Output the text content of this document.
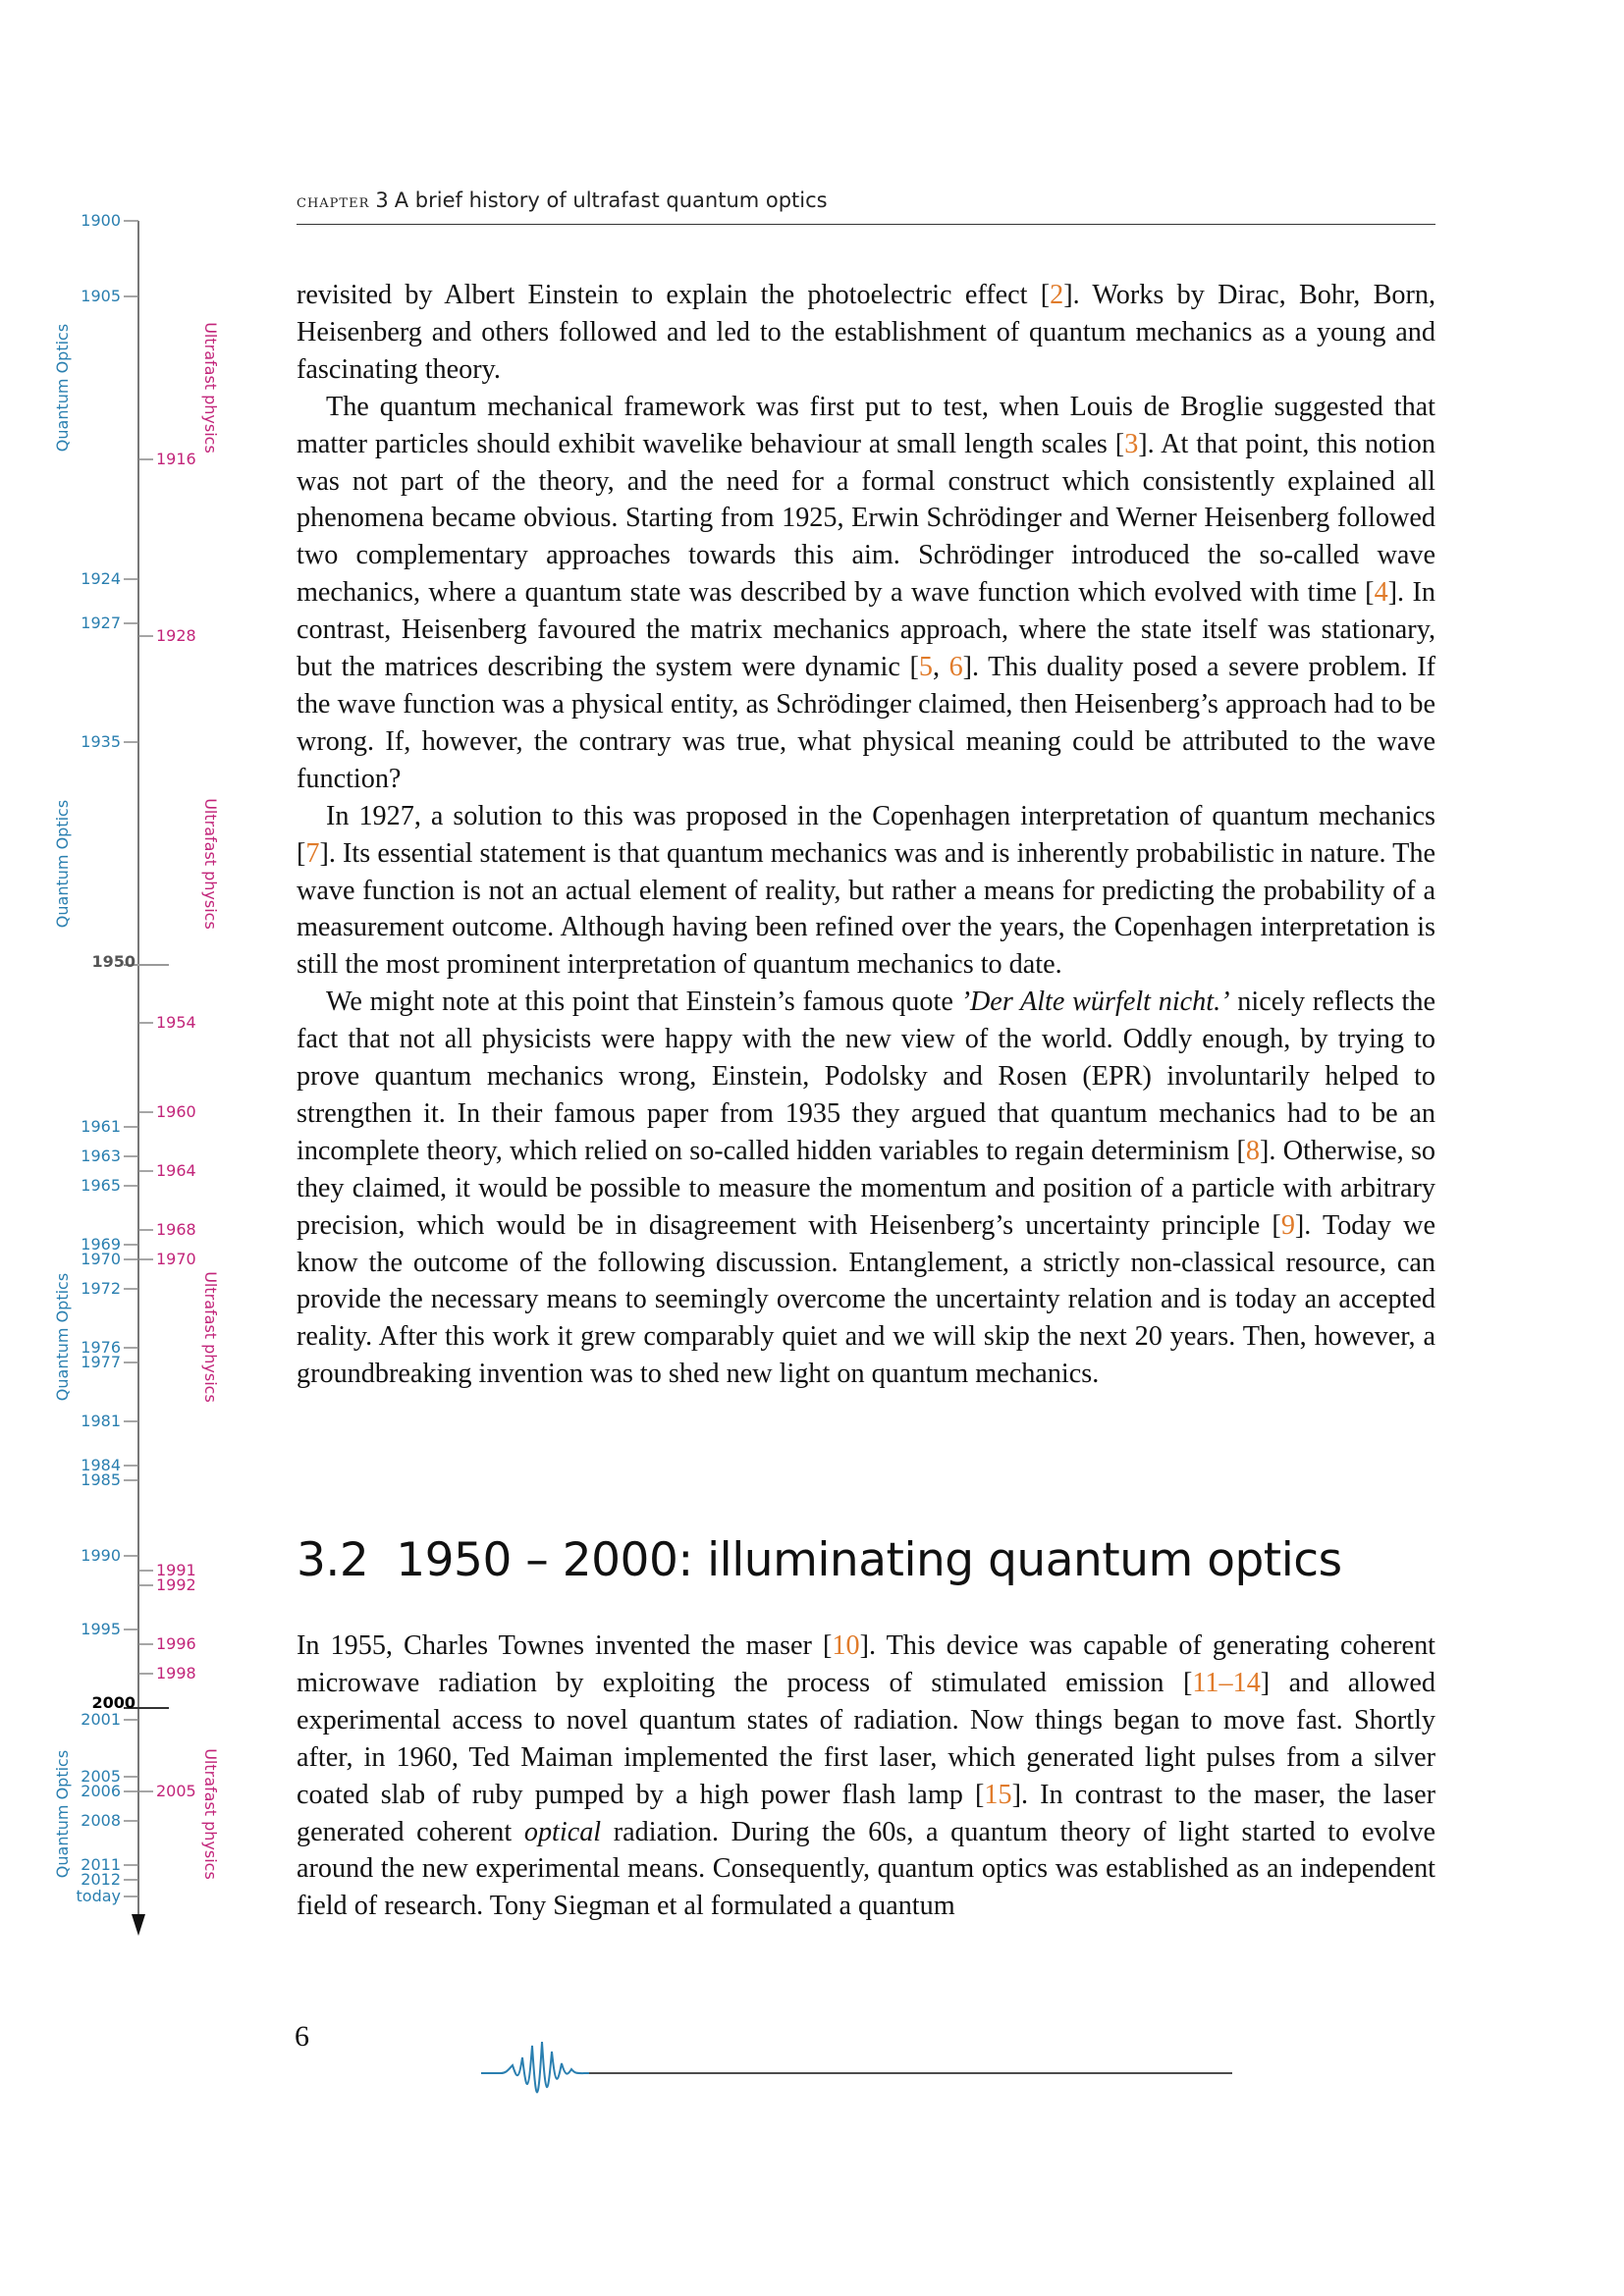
1900
1905
1924
1927
1935
1950
1961
1963
1965
1969
1970
1972
1976
1977
1981
1984
1985
1990
1995
2000
2001
2005
2006
2008
2011
2012
today
1916
1928
1954
1960
1964
1968
1970
1991
1992
1996
1998
2005
Quantum Optics	Ultrafast physics
Quantum Optics	Ultrafast physics
Quantum Optics	Ultrafast physics
Quantum Optics	Ultrafast physics
chapter 3 A brief history of ultrafast quantum optics

revisited by Albert Einstein to explain the photoelectric effect [2]. Works by Dirac, Bohr, Born, Heisenberg and others followed and led to the establishment of quantum mechanics as a young and fascinating theory.

The quantum mechanical framework was first put to test, when Louis de Broglie suggested that matter particles should exhibit wavelike behaviour at small length scales [3]. At that point, this notion was not part of the theory, and the need for a formal construct which consistently explained all phenomena became obvious. Starting from 1925, Erwin Schrödinger and Werner Heisenberg followed two complementary approaches towards this aim. Schrödinger introduced the so-called wave mechanics, where a quantum state was described by a wave function which evolved with time [4]. In contrast, Heisenberg favoured the matrix mechanics approach, where the state itself was stationary, but the matrices describing the system were dynamic [5, 6]. This duality posed a severe problem. If the wave function was a physical entity, as Schrödinger claimed, then Heisenberg’s approach had to be wrong. If, however, the contrary was true, what physical meaning could be attributed to the wave function?

In 1927, a solution to this was proposed in the Copenhagen interpretation of quantum mechanics [7]. Its essential statement is that quantum mechanics was and is inherently probabilistic in nature. The wave function is not an actual element of reality, but rather a means for predicting the probability of a measurement outcome. Although having been refined over the years, the Copenhagen interpretation is still the most prominent interpretation of quantum mechanics to date.

We might note at this point that Einstein’s famous quote ’Der Alte würfelt nicht.’ nicely reflects the fact that not all physicists were happy with the new view of the world. Oddly enough, by trying to prove quantum mechanics wrong, Einstein, Podolsky and Rosen (EPR) involuntarily helped to strengthen it. In their famous paper from 1935 they argued that quantum mechanics had to be an incomplete theory, which relied on so-called hidden variables to regain determinism [8]. Otherwise, so they claimed, it would be possible to measure the momentum and position of a particle with arbitrary precision, which would be in disagreement with Heisenberg’s uncertainty principle [9]. Today we know the outcome of the following discussion. Entanglement, a strictly non-classical resource, can provide the necessary means to seemingly overcome the uncertainty relation and is today an accepted reality. After this work it grew comparably quiet and we will skip the next 20 years. Then, however, a groundbreaking invention was to shed new light on quantum mechanics.

3.2 1950 – 2000: illuminating quantum optics

In 1955, Charles Townes invented the maser [10]. This device was capable of generating coherent microwave radiation by exploiting the process of stimulated emission [11–14] and allowed experimental access to novel quantum states of radiation. Now things began to move fast. Shortly after, in 1960, Ted Maiman implemented the first laser, which generated light pulses from a silver coated slab of ruby pumped by a high power flash lamp [15]. In contrast to the maser, the laser generated coherent optical radiation. During the 60s, a quantum theory of light started to evolve around the new experimental means. Consequently, quantum optics was established as an independent field of research. Tony Siegman et al formulated a quantum

6
